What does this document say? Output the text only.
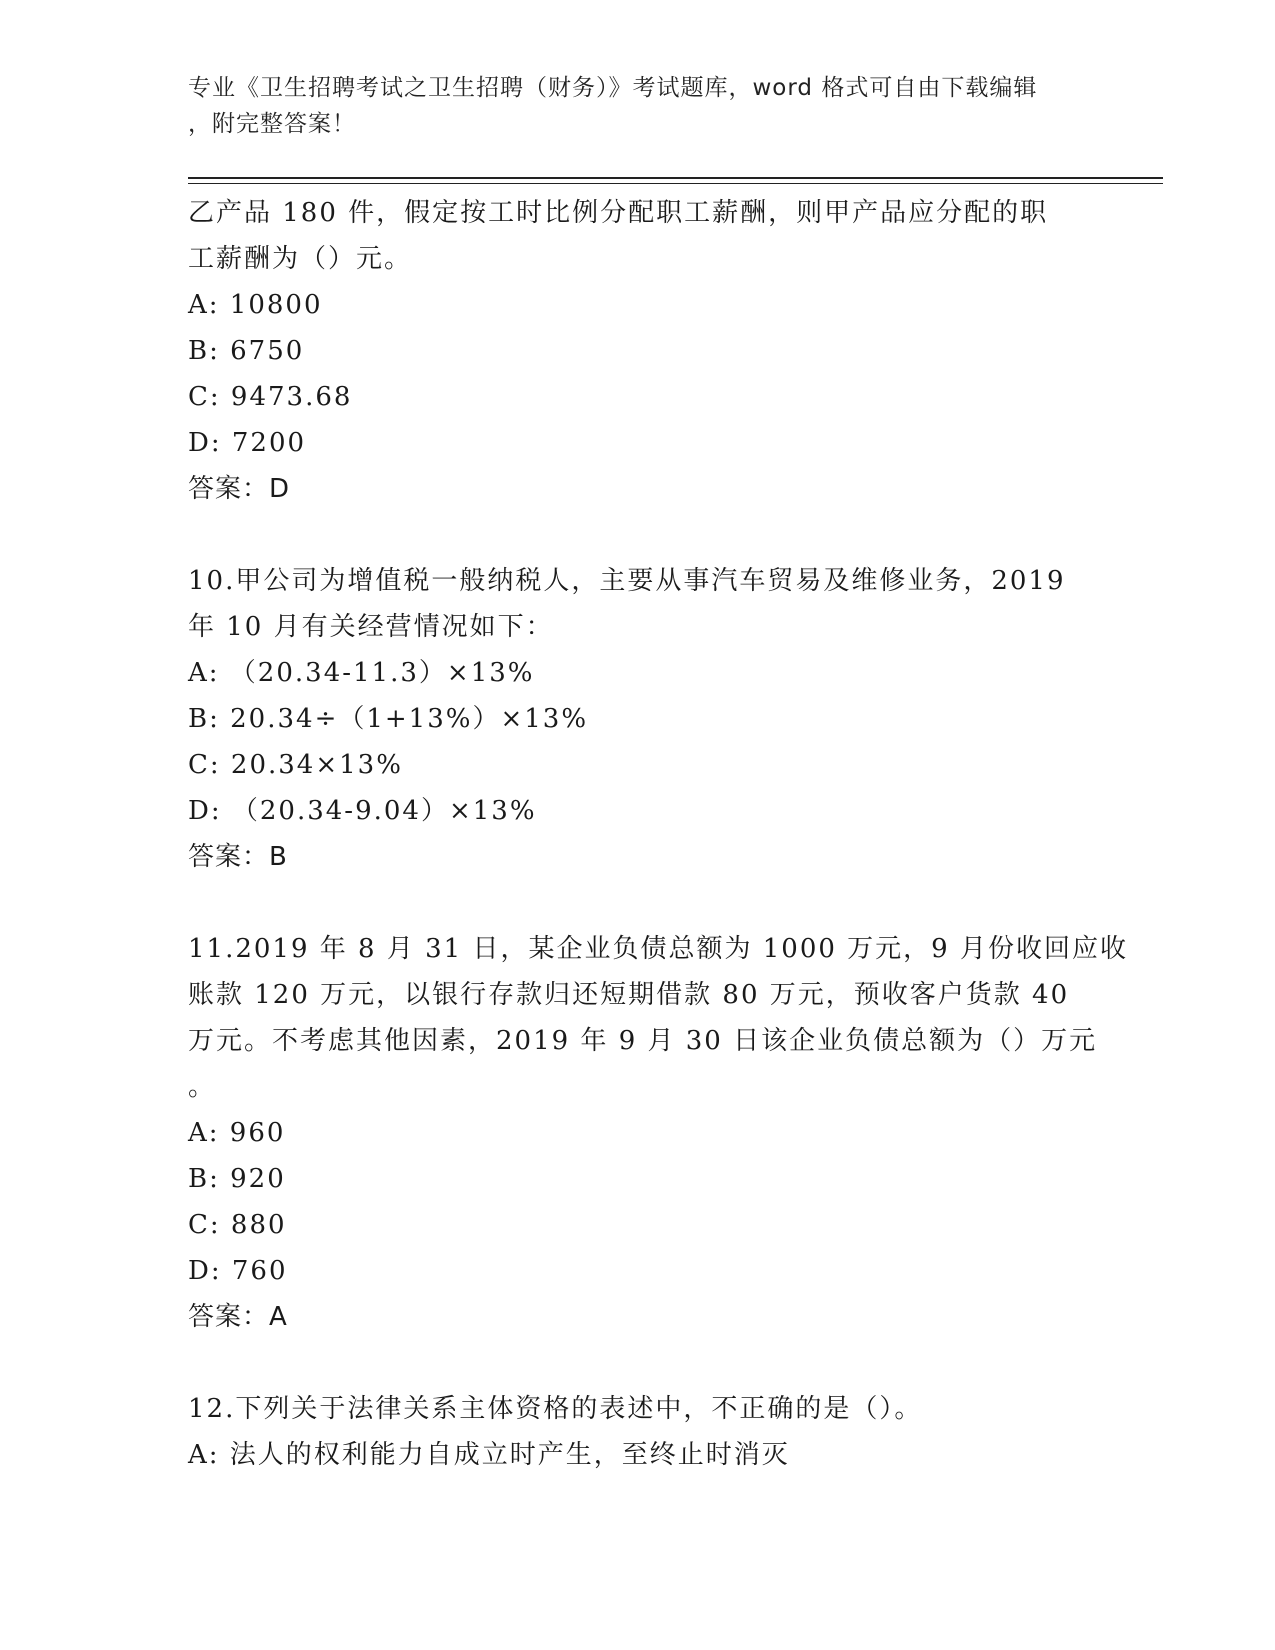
专业《卫生招聘考试之卫生招聘（财务）》考试题库，word 格式可自由下载编辑
，附完整答案！
乙产品 180 件，假定按工时比例分配职工薪酬，则甲产品应分配的职
工薪酬为（）元。
A: 10800
B: 6750
C: 9473.68
D: 7200
答案：D
10.甲公司为增值税一般纳税人，主要从事汽车贸易及维修业务，2019
年 10 月有关经营情况如下：
A: （20.34-11.3）×13%
B: 20.34÷（1+13%）×13%
C: 20.34×13%
D: （20.34-9.04）×13%
答案：B
11.2019 年 8 月 31 日，某企业负债总额为 1000 万元，9 月份收回应收
账款 120 万元，以银行存款归还短期借款 80 万元，预收客户货款 40
万元。不考虑其他因素，2019 年 9 月 30 日该企业负债总额为（）万元
。
A: 960
B: 920
C: 880
D: 760
答案：A
12.下列关于法律关系主体资格的表述中，不正确的是（）。
A: 法人的权利能力自成立时产生，至终止时消灭
